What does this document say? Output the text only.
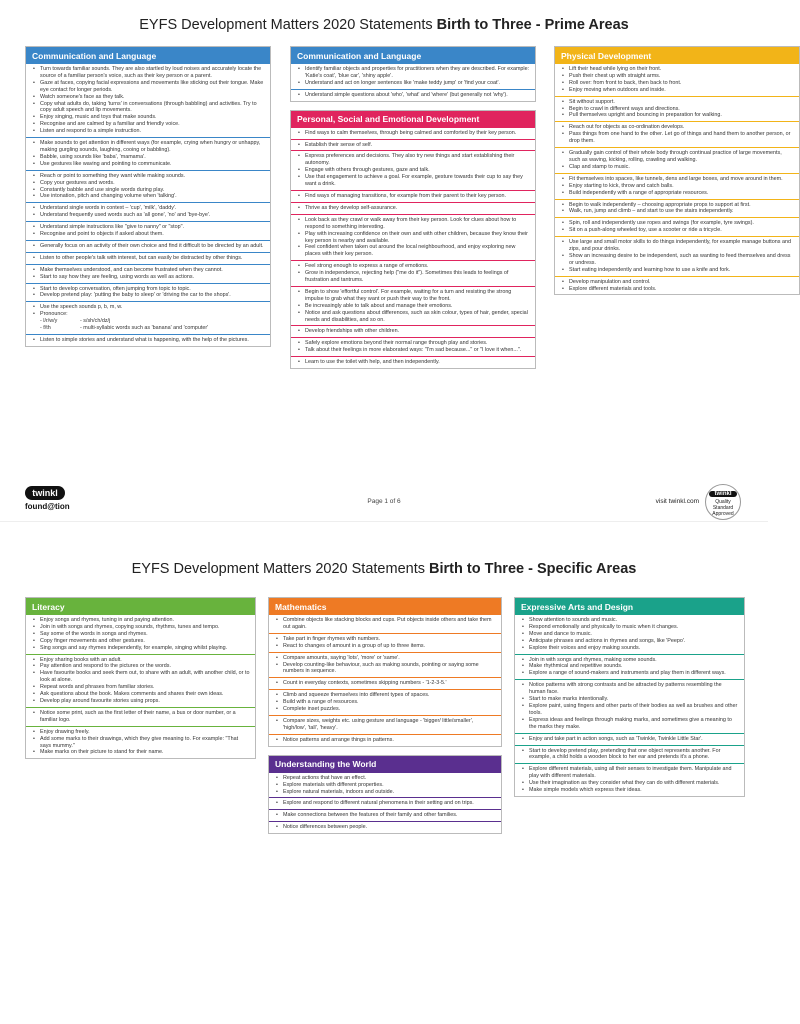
EYFS Development Matters 2020 Statements Birth to Three - Prime Areas
Communication and Language
• Turn towards familiar sounds. They are also startled by loud noises and accurately locate the source of a familiar person's voice, such as their key person or a parent.
• Gaze at faces, copying facial expressions and movements like sticking out their tongue. Make eye contact for longer periods.
• Watch someone's face as they talk.
• Copy what adults do, taking 'turns' in conversations (through babbling) and activities. Try to copy adult speech and lip movements.
• Enjoy singing, music and toys that make sounds.
• Recognise and are calmed by a familiar and friendly voice.
• Listen and respond to a simple instruction.
• Make sounds to get attention in different ways (for example, crying when hungry or unhappy, making gurgling sounds, laughing, cooing or babbling).
• Babble, using sounds like 'baba', 'mamama'.
• Use gestures like waving and pointing to communicate.
• Reach or point to something they want while making sounds.
• Copy your gestures and words.
• Constantly babble and use single words during play.
• Use intonation, pitch and changing volume when 'talking'.
• Understand single words in context – 'cup', 'milk', 'daddy'.
• Understand frequently used words such as 'all gone', 'no' and 'bye-bye'.
• Understand simple instructions like "give to nanny" or "stop".
• Recognise and point to objects if asked about them.
• Generally focus on an activity of their own choice and find it difficult to be directed by an adult.
• Listen to other people's talk with interest, but can easily be distracted by other things.
• Make themselves understood, and can become frustrated when they cannot.
• Start to say how they are feeling, using words as well as actions.
• Start to develop conversation, often jumping from topic to topic.
• Develop pretend play: 'putting the baby to sleep' or 'driving the car to the shops'.
• Use the speech sounds p, b, m, w.
• Pronounce:
- l/r/w/y	- s/sh/ch/dz/j
- f/th	- multi-syllabic words such as 'banana' and 'computer'
• Listen to simple stories and understand what is happening, with the help of the pictures.
Communication and Language
• Identify familiar objects and properties for practitioners when they are described. For example: 'Katie's coat', 'blue car', 'shiny apple'.
• Understand and act on longer sentences like 'make teddy jump' or 'find your coat'.
• Understand simple questions about 'who', 'what' and 'where' (but generally not 'why').
Personal, Social and Emotional Development
• Find ways to calm themselves, through being calmed and comforted by their key person.
• Establish their sense of self.
• Express preferences and decisions. They also try new things and start establishing their autonomy.
• Engage with others through gestures, gaze and talk.
• Use that engagement to achieve a goal. For example, gesture towards their cup to say they want a drink.
• Find ways of managing transitions, for example from their parent to their key person.
• Thrive as they develop self-assurance.
• Look back as they crawl or walk away from their key person. Look for clues about how to respond to something interesting.
• Play with increasing confidence on their own and with other children, because they know their key person is nearby and available.
• Feel confident when taken out around the local neighbourhood, and enjoy exploring new places with their key person.
• Feel strong enough to express a range of emotions.
• Grow in independence, rejecting help ("me do it"). Sometimes this leads to feelings of frustration and tantrums.
• Begin to show 'effortful control'. For example, waiting for a turn and resisting the strong impulse to grab what they want or push their way to the front.
• Be increasingly able to talk about and manage their emotions.
• Notice and ask questions about differences, such as skin colour, types of hair, gender, special needs and disabilities, and so on.
• Develop friendships with other children.
• Safely explore emotions beyond their normal range through play and stories.
• Talk about their feelings in more elaborated ways: "I'm sad because..." or "I love it when...".
• Learn to use the toilet with help, and then independently.
Physical Development
• Lift their head while lying on their front.
• Push their chest up with straight arms.
• Roll over: from front to back, then back to front.
• Enjoy moving when outdoors and inside.
• Sit without support.
• Begin to crawl in different ways and directions.
• Pull themselves upright and bouncing in preparation for walking.
• Reach out for objects as co-ordination develops.
• Pass things from one hand to the other. Let go of things and hand them to another person, or drop them.
• Gradually gain control of their whole body through continual practice of large movements, such as waving, kicking, rolling, crawling and walking.
• Clap and stamp to music.
• Fit themselves into spaces, like tunnels, dens and large boxes, and move around in them.
• Enjoy starting to kick, throw and catch balls.
• Build independently with a range of appropriate resources.
• Begin to walk independently – choosing appropriate props to support at first.
• Walk, run, jump and climb – and start to use the stairs independently.
• Spin, roll and independently use ropes and swings (for example, tyre swings).
• Sit on a push-along wheeled toy, use a scooter or ride a tricycle.
• Use large and small motor skills to do things independently, for example manage buttons and zips, and pour drinks.
• Show an increasing desire to be independent, such as wanting to feed themselves and dress or undress.
• Start eating independently and learning how to use a knife and fork.
• Develop manipulation and control.
• Explore different materials and tools.
twinkl
found@tion
Page 1 of 6	visit twinkl.com
twinkl
Quality Standard Approved
EYFS Development Matters 2020 Statements Birth to Three - Specific Areas
Literacy
• Enjoy songs and rhymes, tuning in and paying attention.
• Join in with songs and rhymes, copying sounds, rhythms, tunes and tempo.
• Say some of the words in songs and rhymes.
• Copy finger movements and other gestures.
• Sing songs and say rhymes independently, for example, singing whilst playing.
• Enjoy sharing books with an adult.
• Pay attention and respond to the pictures or the words.
• Have favourite books and seek them out, to share with an adult, with another child, or to look at alone.
• Repeat words and phrases from familiar stories.
• Ask questions about the book. Makes comments and shares their own ideas.
• Develop play around favourite stories using props.
• Notice some print, such as the first letter of their name, a bus or door number, or a familiar logo.
• Enjoy drawing freely.
• Add some marks to their drawings, which they give meaning to. For example: "That says mummy."
• Make marks on their picture to stand for their name.
Mathematics
• Combine objects like stacking blocks and cups. Put objects inside others and take them out again.
• Take part in finger rhymes with numbers.
• React to changes of amount in a group of up to three items.
• Compare amounts, saying 'lots', 'more' or 'same'.
• Develop counting-like behaviour, such as making sounds, pointing or saying some numbers in sequence.
• Count in everyday contexts, sometimes skipping numbers - '1-2-3-5.'
• Climb and squeeze themselves into different types of spaces.
• Build with a range of resources.
• Complete inset puzzles.
• Compare sizes, weights etc. using gesture and language - 'bigger/ little/smaller', 'high/low', 'tall', 'heavy'.
• Notice patterns and arrange things in patterns.
Understanding the World
• Repeat actions that have an effect.
• Explore materials with different properties.
• Explore natural materials, indoors and outside.
• Explore and respond to different natural phenomena in their setting and on trips.
• Make connections between the features of their family and other families.
• Notice differences between people.
Expressive Arts and Design
• Show attention to sounds and music.
• Respond emotionally and physically to music when it changes.
• Move and dance to music.
• Anticipate phrases and actions in rhymes and songs, like 'Peepo'.
• Explore their voices and enjoy making sounds.
• Join in with songs and rhymes, making some sounds.
• Make rhythmical and repetitive sounds.
• Explore a range of sound-makers and instruments and play them in different ways.
• Notice patterns with strong contrasts and be attracted by patterns resembling the human face.
• Start to make marks intentionally.
• Explore paint, using fingers and other parts of their bodies as well as brushes and other tools.
• Express ideas and feelings through making marks, and sometimes give a meaning to the marks they make.
• Enjoy and take part in action songs, such as 'Twinkle, Twinkle Little Star'.
• Start to develop pretend play, pretending that one object represents another. For example, a child holds a wooden block to her ear and pretends it's a phone.
• Explore different materials, using all their senses to investigate them. Manipulate and play with different materials.
• Use their imagination as they consider what they can do with different materials.
• Make simple models which express their ideas.
